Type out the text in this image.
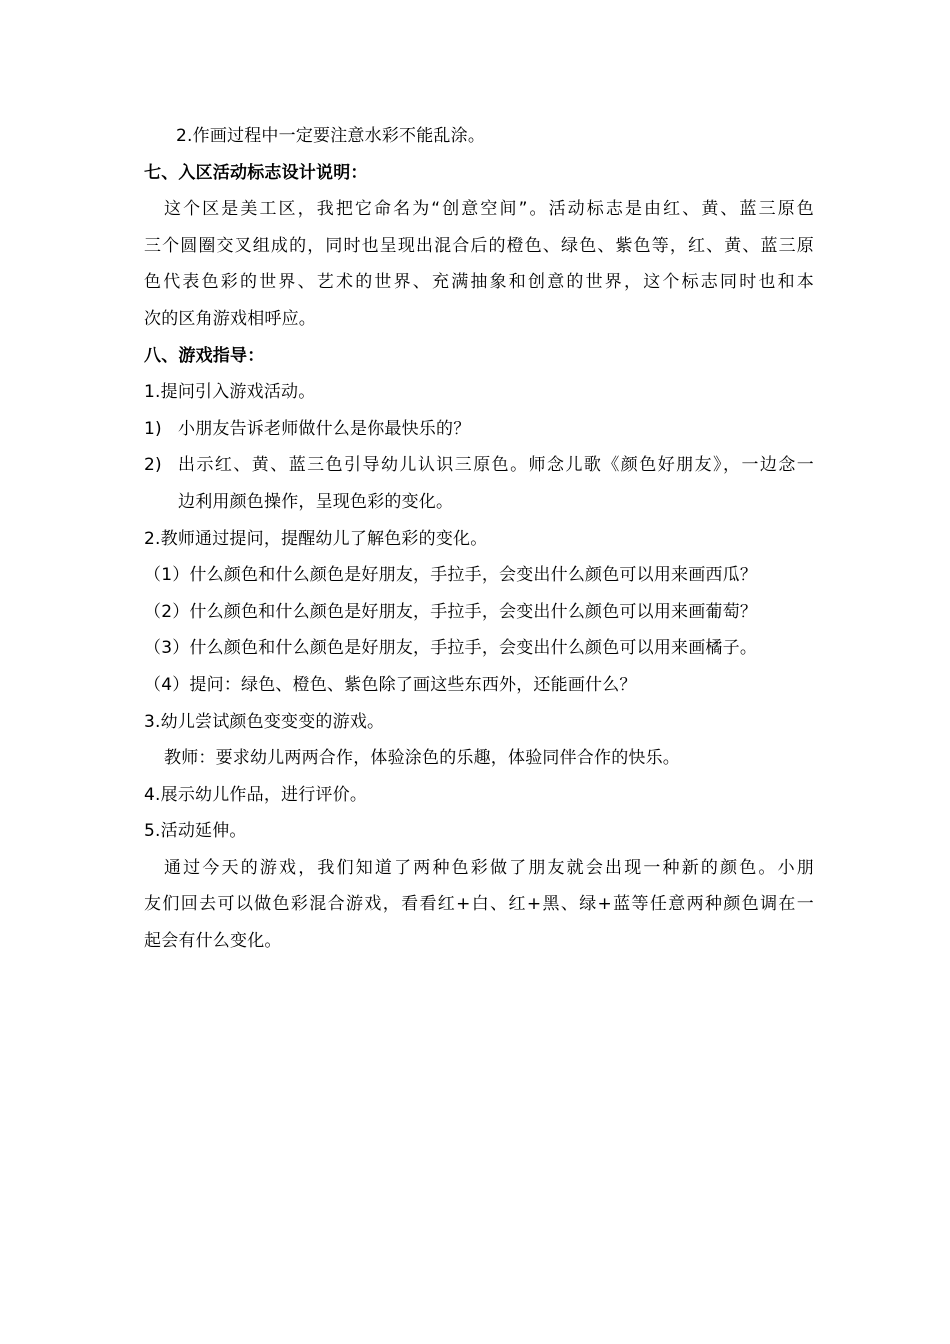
2.作画过程中一定要注意水彩不能乱涂。
七、入区活动标志设计说明：
这个区是美工区，我把它命名为“创意空间”。活动标志是由红、黄、蓝三原色
三个圆圈交叉组成的，同时也呈现出混合后的橙色、绿色、紫色等，红、黄、蓝三原
色代表色彩的世界、艺术的世界、充满抽象和创意的世界，这个标志同时也和本
次的区角游戏相呼应。
八、游戏指导：
1.提问引入游戏活动。
1) 小朋友告诉老师做什么是你最快乐的？
2) 出示红、黄、蓝三色引导幼儿认识三原色。师念儿歌《颜色好朋友》，一边念一
边利用颜色操作，呈现色彩的变化。
2.教师通过提问，提醒幼儿了解色彩的变化。
（1）什么颜色和什么颜色是好朋友，手拉手，会变出什么颜色可以用来画西瓜？
（2）什么颜色和什么颜色是好朋友，手拉手，会变出什么颜色可以用来画葡萄？
（3）什么颜色和什么颜色是好朋友，手拉手，会变出什么颜色可以用来画橘子。
（4）提问：绿色、橙色、紫色除了画这些东西外，还能画什么？
3.幼儿尝试颜色变变变的游戏。
教师：要求幼儿两两合作，体验涂色的乐趣，体验同伴合作的快乐。
4.展示幼儿作品，进行评价。
5.活动延伸。
通过今天的游戏，我们知道了两种色彩做了朋友就会出现一种新的颜色。小朋
友们回去可以做色彩混合游戏，看看红+白、红+黑、绿+蓝等任意两种颜色调在一
起会有什么变化。
